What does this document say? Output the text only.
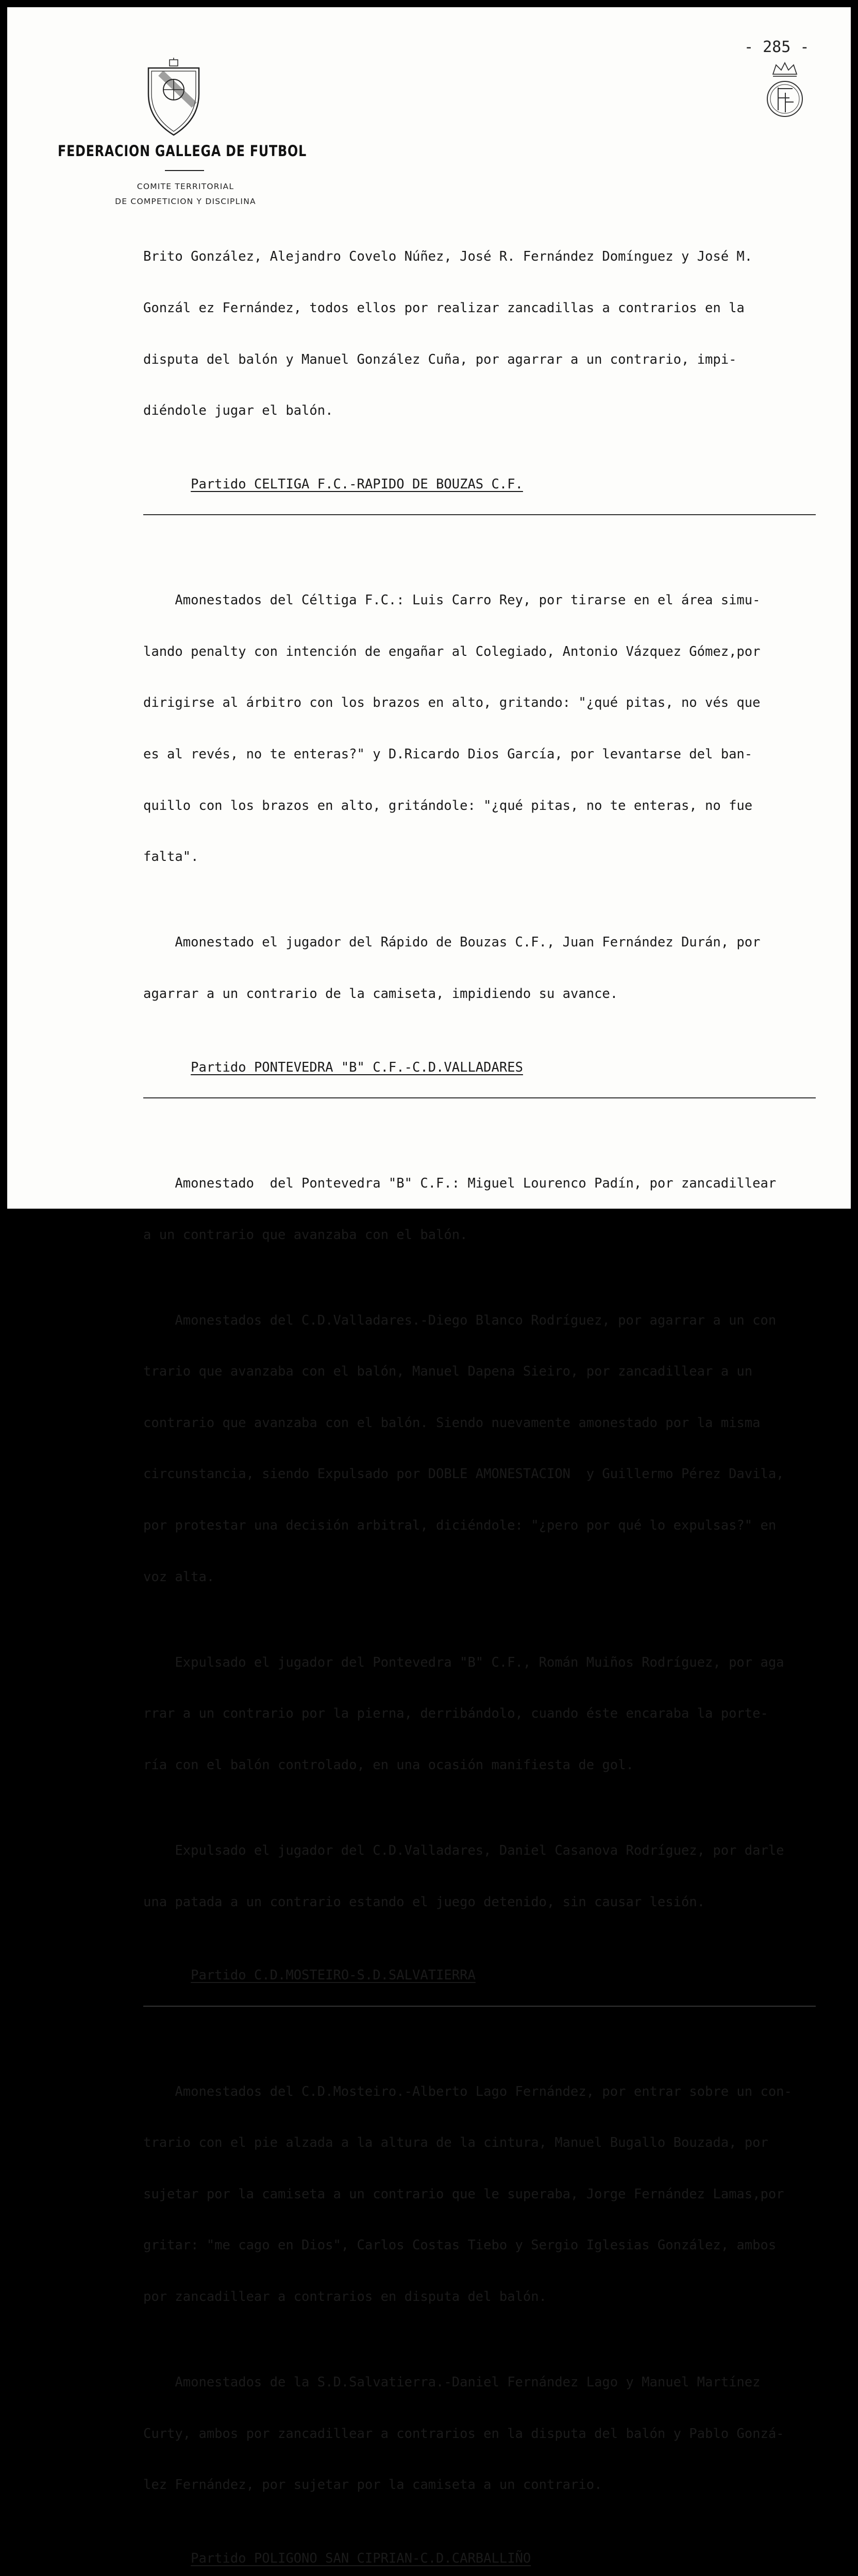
- 285 -
FEDERACION GALLEGA DE FUTBOL
COMITE TERRITORIAL
DE COMPETICION Y DISCIPLINA

Brito González, Alejandro Covelo Núñez, José R. Fernández Domínguez y José M.

Gonzál ez Fernández, todos ellos por realizar zancadillas a contrarios en la

disputa del balón y Manuel González Cuña, por agarrar a un contrario, impi-

diéndole jugar el balón.

Partido CELTIGA F.C.-RAPIDO DE BOUZAS C.F.

Amonestados del Céltiga F.C.: Luis Carro Rey, por tirarse en el área simu-

lando penalty con intención de engañar al Colegiado, Antonio Vázquez Gómez,por

dirigirse al árbitro con los brazos en alto, gritando: "¿qué pitas, no vés que

es al revés, no te enteras?" y D.Ricardo Dios García, por levantarse del ban-

quillo con los brazos en alto, gritándole: "¿qué pitas, no te enteras, no fue

falta".

Amonestado el jugador del Rápido de Bouzas C.F., Juan Fernández Durán, por

agarrar a un contrario de la camiseta, impidiendo su avance.

Partido PONTEVEDRA "B" C.F.-C.D.VALLADARES

Amonestado  del Pontevedra "B" C.F.: Miguel Lourenco Padín, por zancadillear

a un contrario que avanzaba con el balón.

Amonestados del C.D.Valladares.-Diego Blanco Rodríguez, por agarrar a un con

trario que avanzaba con el balón, Manuel Dapena Sieiro, por zancadillear a un

contrario que avanzaba con el balón. Siendo nuevamente amonestado por la misma

circunstancia, siendo Expulsado por DOBLE AMONESTACION  y Guillermo Pérez Davila,

por protestar una decisión arbitral, diciéndole: "¿pero por qué lo expulsas?" en

voz alta.

Expulsado el jugador del Pontevedra "B" C.F., Román Muiños Rodríguez, por aga

rrar a un contrario por la pierna, derribándolo, cuando éste encaraba la porte-

ría con el balón controlado, en una ocasión manifiesta de gol.

Expulsado el jugador del C.D.Valladares, Daniel Casanova Rodríguez, por darle

una patada a un contrario estando el juego detenido, sin causar lesión.

Partido C.D.MOSTEIRO-S.D.SALVATIERRA

Amonestados del C.D.Mosteiro.-Alberto Lago Fernández, por entrar sobre un con-

trario con el pie alzada a la altura de la cintura, Manuel Bugallo Bouzada, por

sujetar por la camiseta a un contrario que le superaba, Jorge Fernández Lamas,por

gritar: "me cago en Dios", Carlos Costas Tiebo y Sergio Iglesias González, ambos

por zancadillear a contrarios en disputa del balón.

Amonestados de la S.D.Salvatierra.-Daniel Fernández Lago y Manuel Martínez

Curty, ambos por zancadillear a contrarios en la disputa del balón y Pablo Gonzá-

lez Fernández, por sujetar por la camiseta a un contrario.

Partido POLIGONO SAN CIPRIAN-C.D.CARBALLIÑO
